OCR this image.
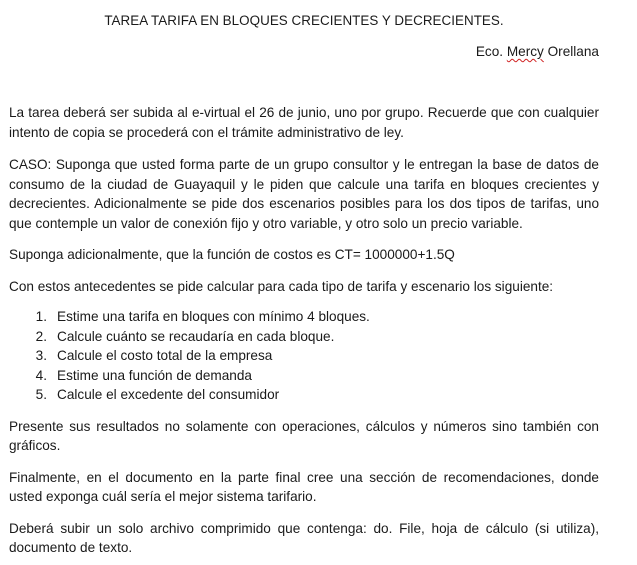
TAREA TARIFA EN BLOQUES CRECIENTES Y DECRECIENTES.
Eco. Mercy Orellana

La tarea deberá ser subida al e-virtual el 26 de junio, uno por grupo. Recuerde que con cualquier intento de copia se procederá con el trámite administrativo de ley.

CASO: Suponga que usted forma parte de un grupo consultor y le entregan la base de datos de consumo de la ciudad de Guayaquil y le piden que calcule una tarifa en bloques crecientes y decrecientes. Adicionalmente se pide dos escenarios posibles para los dos tipos de tarifas, uno que contemple un valor de conexión fijo y otro variable, y otro solo un precio variable.

Suponga adicionalmente, que la función de costos es CT= 1000000+1.5Q

Con estos antecedentes se pide calcular para cada tipo de tarifa y escenario los siguiente:

1. Estime una tarifa en bloques con mínimo 4 bloques.
2. Calcule cuánto se recaudaría en cada bloque.
3. Calcule el costo total de la empresa
4. Estime una función de demanda
5. Calcule el excedente del consumidor

Presente sus resultados no solamente con operaciones, cálculos y números sino también con gráficos.

Finalmente, en el documento en la parte final cree una sección de recomendaciones, donde usted exponga cuál sería el mejor sistema tarifario.

Deberá subir un solo archivo comprimido que contenga: do. File, hoja de cálculo (si utiliza), documento de texto.
